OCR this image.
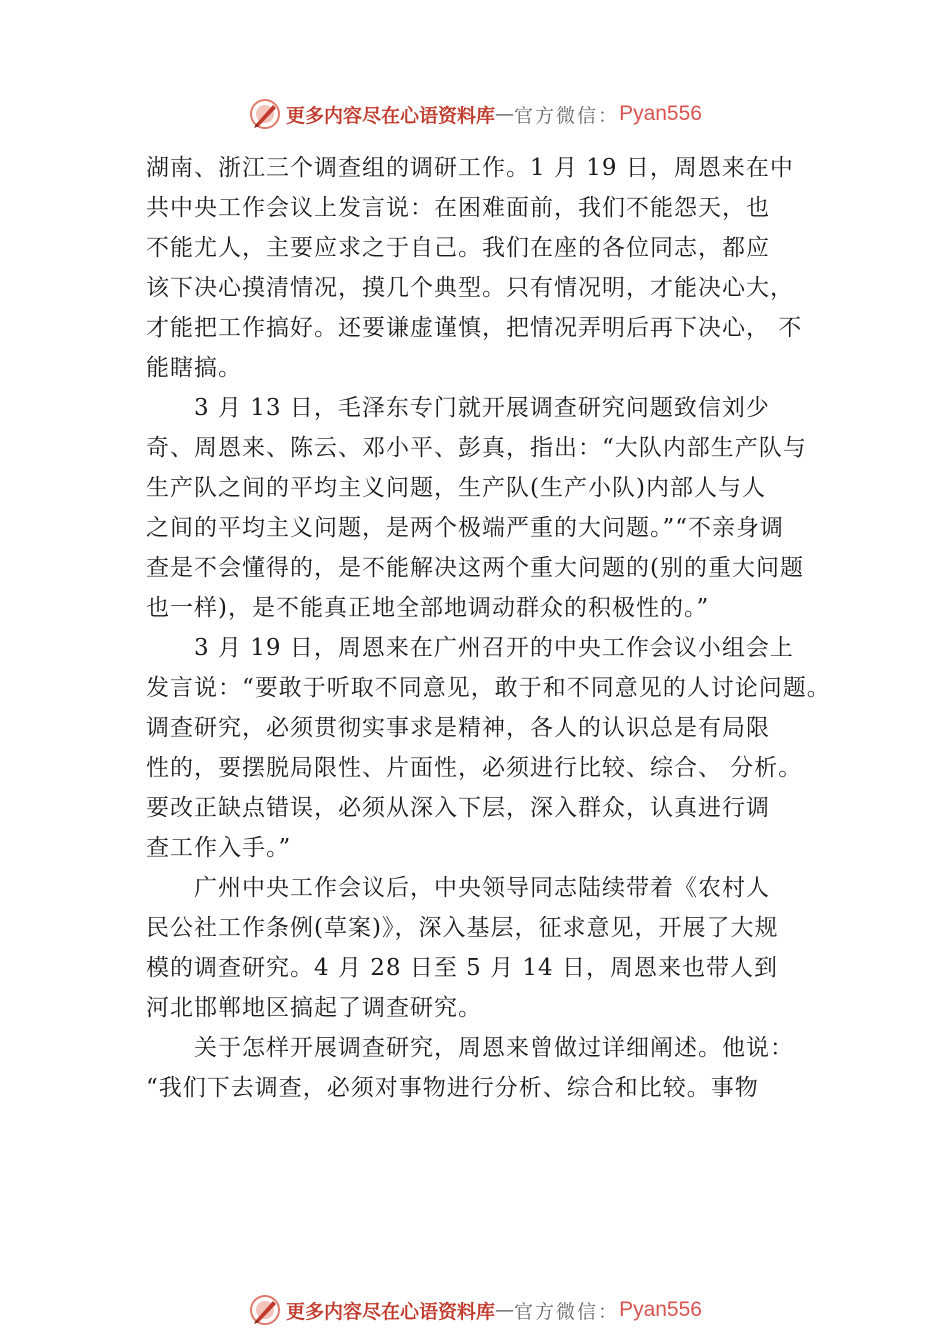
更多内容尽在心语资料库 — 官方微信： Pyan556
湖南、浙江三个调查组的调研工作。1 月 19 日，周恩来在中
共中央工作会议上发言说：在困难面前，我们不能怨天，也
不能尤人，主要应求之于自己。我们在座的各位同志，都应
该下决心摸清情况，摸几个典型。只有情况明，才能决心大，
才能把工作搞好。还要谦虚谨慎，把情况弄明后再下决心， 不
能瞎搞。
3 月 13 日，毛泽东专门就开展调查研究问题致信刘少
奇、周恩来、陈云、邓小平、彭真，指出：“大队内部生产队与
生产队之间的平均主义问题，生产队(生产小队)内部人与人
之间的平均主义问题，是两个极端严重的大问题。”“不亲身调
查是不会懂得的，是不能解决这两个重大问题的(别的重大问题
也一样)，是不能真正地全部地调动群众的积极性的。”
3 月 19 日，周恩来在广州召开的中央工作会议小组会上
发言说：“要敢于听取不同意见，敢于和不同意见的人讨论问题。
调查研究，必须贯彻实事求是精神，各人的认识总是有局限
性的，要摆脱局限性、片面性，必须进行比较、综合、 分析。
要改正缺点错误，必须从深入下层，深入群众，认真进行调
查工作入手。”
广州中央工作会议后，中央领导同志陆续带着《农村人
民公社工作条例(草案)》，深入基层，征求意见，开展了大规
模的调查研究。4 月 28 日至 5 月 14 日，周恩来也带人到
河北邯郸地区搞起了调查研究。
关于怎样开展调查研究，周恩来曾做过详细阐述。他说：
“我们下去调查，必须对事物进行分析、综合和比较。事物
更多内容尽在心语资料库 — 官方微信： Pyan556
